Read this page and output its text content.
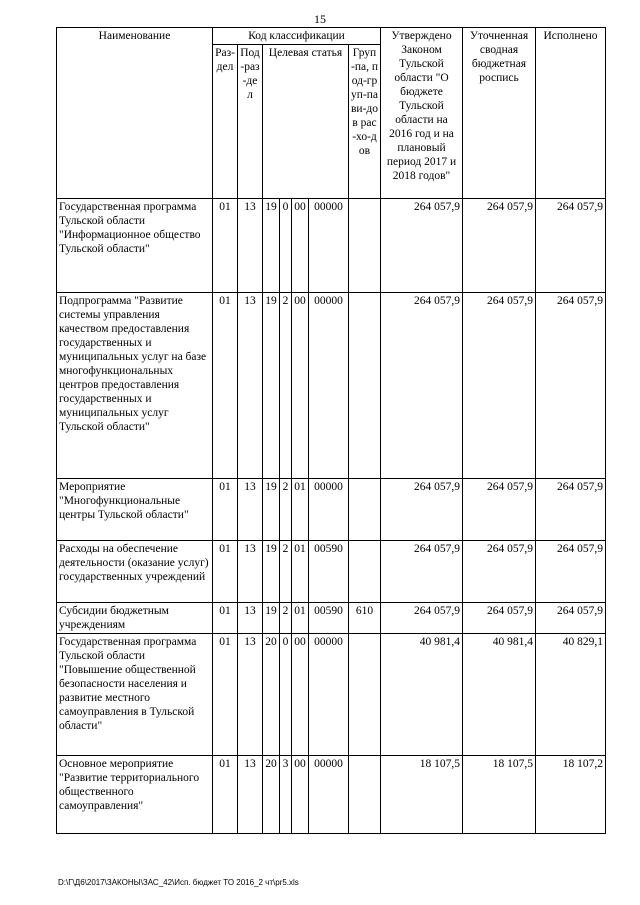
15
Наименование	Код классификации							Утверждено Законом Тульской области "О бюджете Тульской области на 2016 год и на плановый период 2017 и 2018 годов"	Уточненная сводная бюджетная роспись	Исполнено
	Раз-дел	Под-раз-дел	Целевая статья				Груп-па, под-груп-па ви-дов рас-хо-дов			
Государственная программа Тульской области "Информационное общество Тульской области"	01	13	19	0	00	00000		264 057,9	264 057,9	264 057,9
Подпрограмма "Развитие системы управления качеством предоставления государственных и муниципальных услуг на базе многофункциональных центров предоставления государственных и муниципальных услуг Тульской области"	01	13	19	2	00	00000		264 057,9	264 057,9	264 057,9
Мероприятие "Многофункциональные центры Тульской области"	01	13	19	2	01	00000		264 057,9	264 057,9	264 057,9
Расходы на обеспечение деятельности (оказание услуг) государственных учреждений	01	13	19	2	01	00590		264 057,9	264 057,9	264 057,9
Субсидии бюджетным учреждениям	01	13	19	2	01	00590	610	264 057,9	264 057,9	264 057,9
Государственная программа Тульской области "Повышение общественной безопасности населения и развитие местного самоуправления в Тульской области"	01	13	20	0	00	00000		40 981,4	40 981,4	40 829,1
Основное мероприятие "Развитие территориального общественного самоуправления"	01	13	20	3	00	00000		18 107,5	18 107,5	18 107,2
D:\Г\Д6\2017\ЗАКОНЫ\ЗАС_42\Исп. бюджет ТО 2016_2 чт\pr5.xls
